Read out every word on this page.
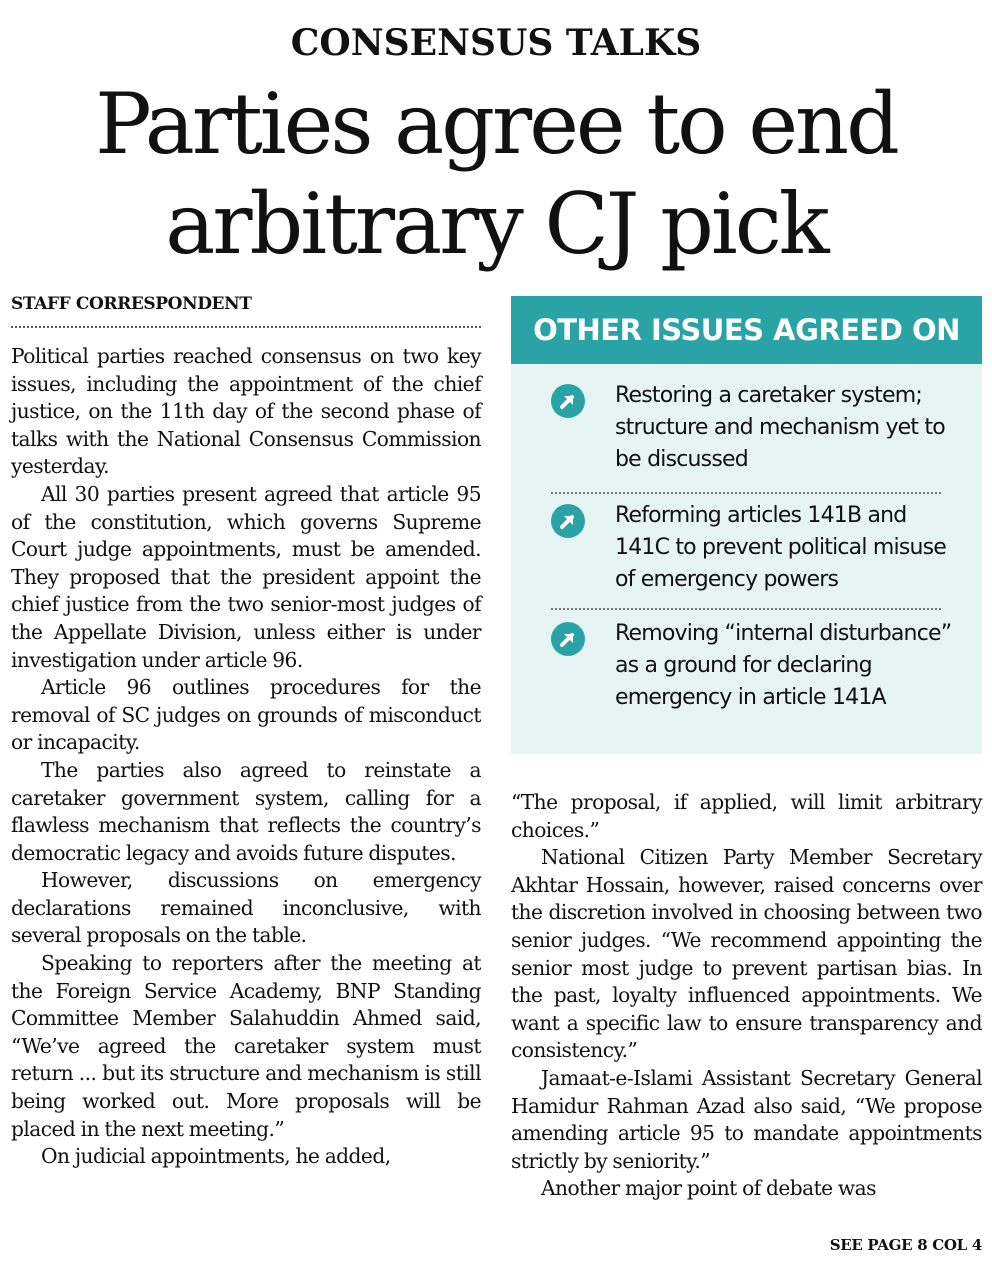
CONSENSUS TALKS
Parties agree to end
arbitrary CJ pick
STAFF CORRESPONDENT

Political parties reached consensus on two key issues, including the appointment of the chief justice, on the 11th day of the second phase of talks with the National Consensus Commission yesterday.

All 30 parties present agreed that article 95 of the constitution, which governs Supreme Court judge appointments, must be amended. They proposed that the president appoint the chief justice from the two senior-most judges of the Appellate Division, unless either is under investigation under article 96.

Article 96 outlines procedures for the removal of SC judges on grounds of misconduct or incapacity.

The parties also agreed to reinstate a caretaker government system, calling for a flawless mechanism that reflects the country’s democratic legacy and avoids future disputes.

However, discussions on emergency declarations remained inconclusive, with several proposals on the table.

Speaking to reporters after the meeting at the Foreign Service Academy, BNP Standing Committee Member Salahuddin Ahmed said, “We’ve agreed the caretaker system must return ... but its structure and mechanism is still being worked out. More proposals will be placed in the next meeting.”

On judicial appointments, he added,

OTHER ISSUES AGREED ON
Restoring a caretaker system;
structure and mechanism yet to
be discussed
Reforming articles 141B and
141C to prevent political misuse
of emergency powers
Removing “internal disturbance”
as a ground for declaring
emergency in article 141A

“The proposal, if applied, will limit arbitrary choices.”

National Citizen Party Member Secretary Akhtar Hossain, however, raised concerns over the discretion involved in choosing between two senior judges. “We recommend appointing the senior most judge to prevent partisan bias. In the past, loyalty influenced appointments. We want a specific law to ensure transparency and consistency.”

Jamaat-e-Islami Assistant Secretary General Hamidur Rahman Azad also said, “We propose amending article 95 to mandate appointments strictly by seniority.”

Another major point of debate was

SEE PAGE 8 COL 4
